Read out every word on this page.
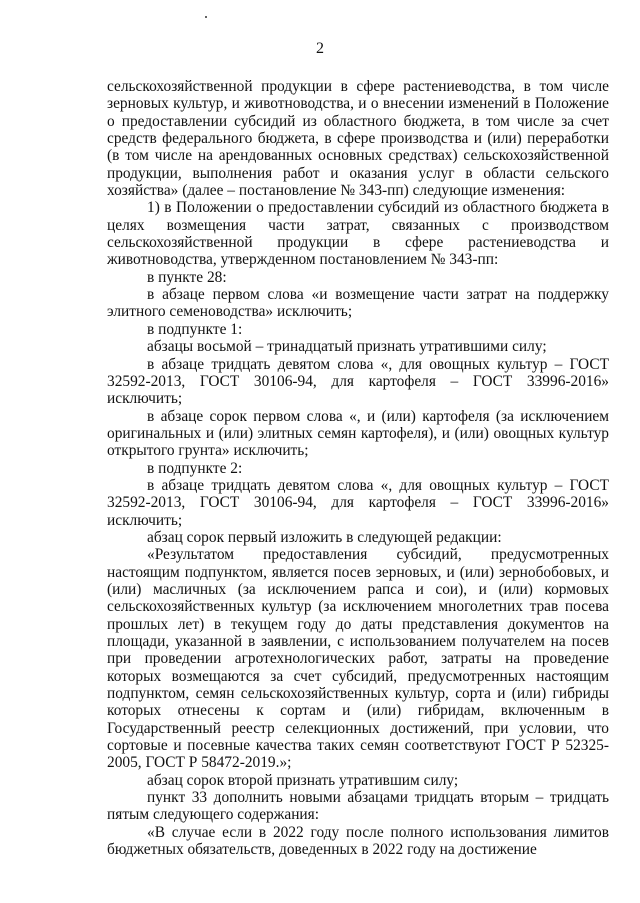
2

сельскохозяйственной продукции в сфере растениеводства, в том числе зерновых культур, и животноводства, и о внесении изменений в Положение о предоставлении субсидий из областного бюджета, в том числе за счет средств федерального бюджета, в сфере производства и (или) переработки (в том числе на арендованных основных средствах) сельскохозяйственной продукции, выполнения работ и оказания услуг в области сельского хозяйства» (далее – постановление № 343-пп) следующие изменения:

1) в Положении о предоставлении субсидий из областного бюджета в целях возмещения части затрат, связанных с производством сельскохозяйственной продукции в сфере растениеводства и животноводства, утвержденном постановлением № 343-пп:

в пункте 28:

в абзаце первом слова «и возмещение части затрат на поддержку элитного семеноводства» исключить;

в подпункте 1:

абзацы восьмой – тринадцатый признать утратившими силу;

в абзаце тридцать девятом слова «, для овощных культур – ГОСТ 32592-2013, ГОСТ 30106-94, для картофеля – ГОСТ 33996-2016» исключить;

в абзаце сорок первом слова «, и (или) картофеля (за исключением оригинальных и (или) элитных семян картофеля), и (или) овощных культур открытого грунта» исключить;

в подпункте 2:

в абзаце тридцать девятом слова «, для овощных культур – ГОСТ 32592-2013, ГОСТ 30106-94, для картофеля – ГОСТ 33996-2016» исключить;

абзац сорок первый изложить в следующей редакции:

«Результатом предоставления субсидий, предусмотренных настоящим подпунктом, является посев зерновых, и (или) зернобобовых, и (или) масличных (за исключением рапса и сои), и (или) кормовых сельскохозяйственных культур (за исключением многолетних трав посева прошлых лет) в текущем году до даты представления документов на площади, указанной в заявлении, с использованием получателем на посев при проведении агротехнологических работ, затраты на проведение которых возмещаются за счет субсидий, предусмотренных настоящим подпунктом, семян сельскохозяйственных культур, сорта и (или) гибриды которых отнесены к сортам и (или) гибридам, включенным в Государственный реестр селекционных достижений, при условии, что сортовые и посевные качества таких семян соответствуют ГОСТ Р 52325-2005, ГОСТ Р 58472-2019.»;

абзац сорок второй признать утратившим силу;

пункт 33 дополнить новыми абзацами тридцать вторым – тридцать пятым следующего содержания:

«В случае если в 2022 году после полного использования лимитов бюджетных обязательств, доведенных в 2022 году на достижение
